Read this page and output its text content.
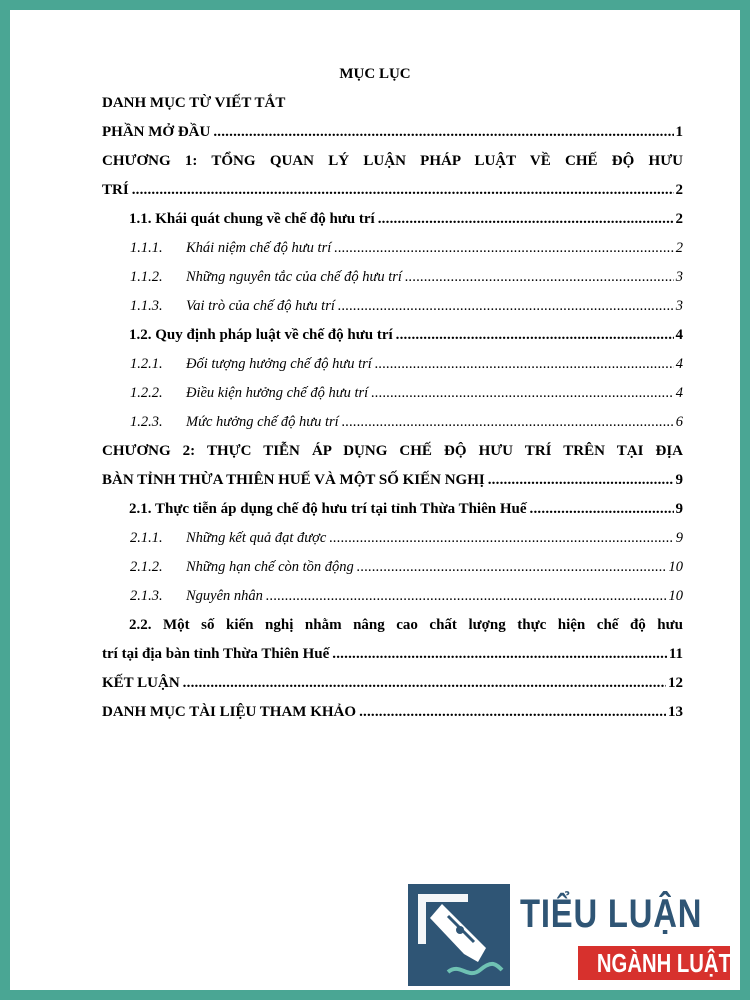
MỤC LỤC
DANH MỤC TỪ VIẾT TẮT
PHẦN MỞ ĐẦU .....	1
CHƯƠNG 1: TỔNG QUAN LÝ LUẬN PHÁP LUẬT VỀ CHẾ ĐỘ HƯU
TRÍ .....	2
1.1. Khái quát chung về chế độ hưu trí .....	2
1.1.1.	Khái niệm chế độ hưu trí .....	2
1.1.2.	Những nguyên tắc của chế độ hưu trí .....	3
1.1.3.	Vai trò của chế độ hưu trí .....	3
1.2. Quy định pháp luật về chế độ hưu trí .....	4
1.2.1.	Đối tượng hưởng chế độ hưu trí .....	4
1.2.2.	Điều kiện hưởng chế độ hưu trí .....	4
1.2.3.	Mức hưởng chế độ hưu trí .....	6
CHƯƠNG 2: THỰC TIỄN ÁP DỤNG CHẾ ĐỘ HƯU TRÍ TRÊN TẠI ĐỊA
BÀN TỈNH THỪA THIÊN HUẾ VÀ MỘT SỐ KIẾN NGHỊ .....	9
2.1. Thực tiễn áp dụng chế độ hưu trí tại tỉnh Thừa Thiên Huế .....	9
2.1.1.	Những kết quả đạt được .....	9
2.1.2.	Những hạn chế còn tồn động .....	10
2.1.3.	Nguyên nhân .....	10
2.2. Một số kiến nghị nhằm nâng cao chất lượng thực hiện chế độ hưu
trí tại địa bàn tỉnh Thừa Thiên Huế .....	11
KẾT LUẬN .....	12
DANH MỤC TÀI LIỆU THAM KHẢO .....	13
TIỂU LUẬN
NGÀNH LUẬT
